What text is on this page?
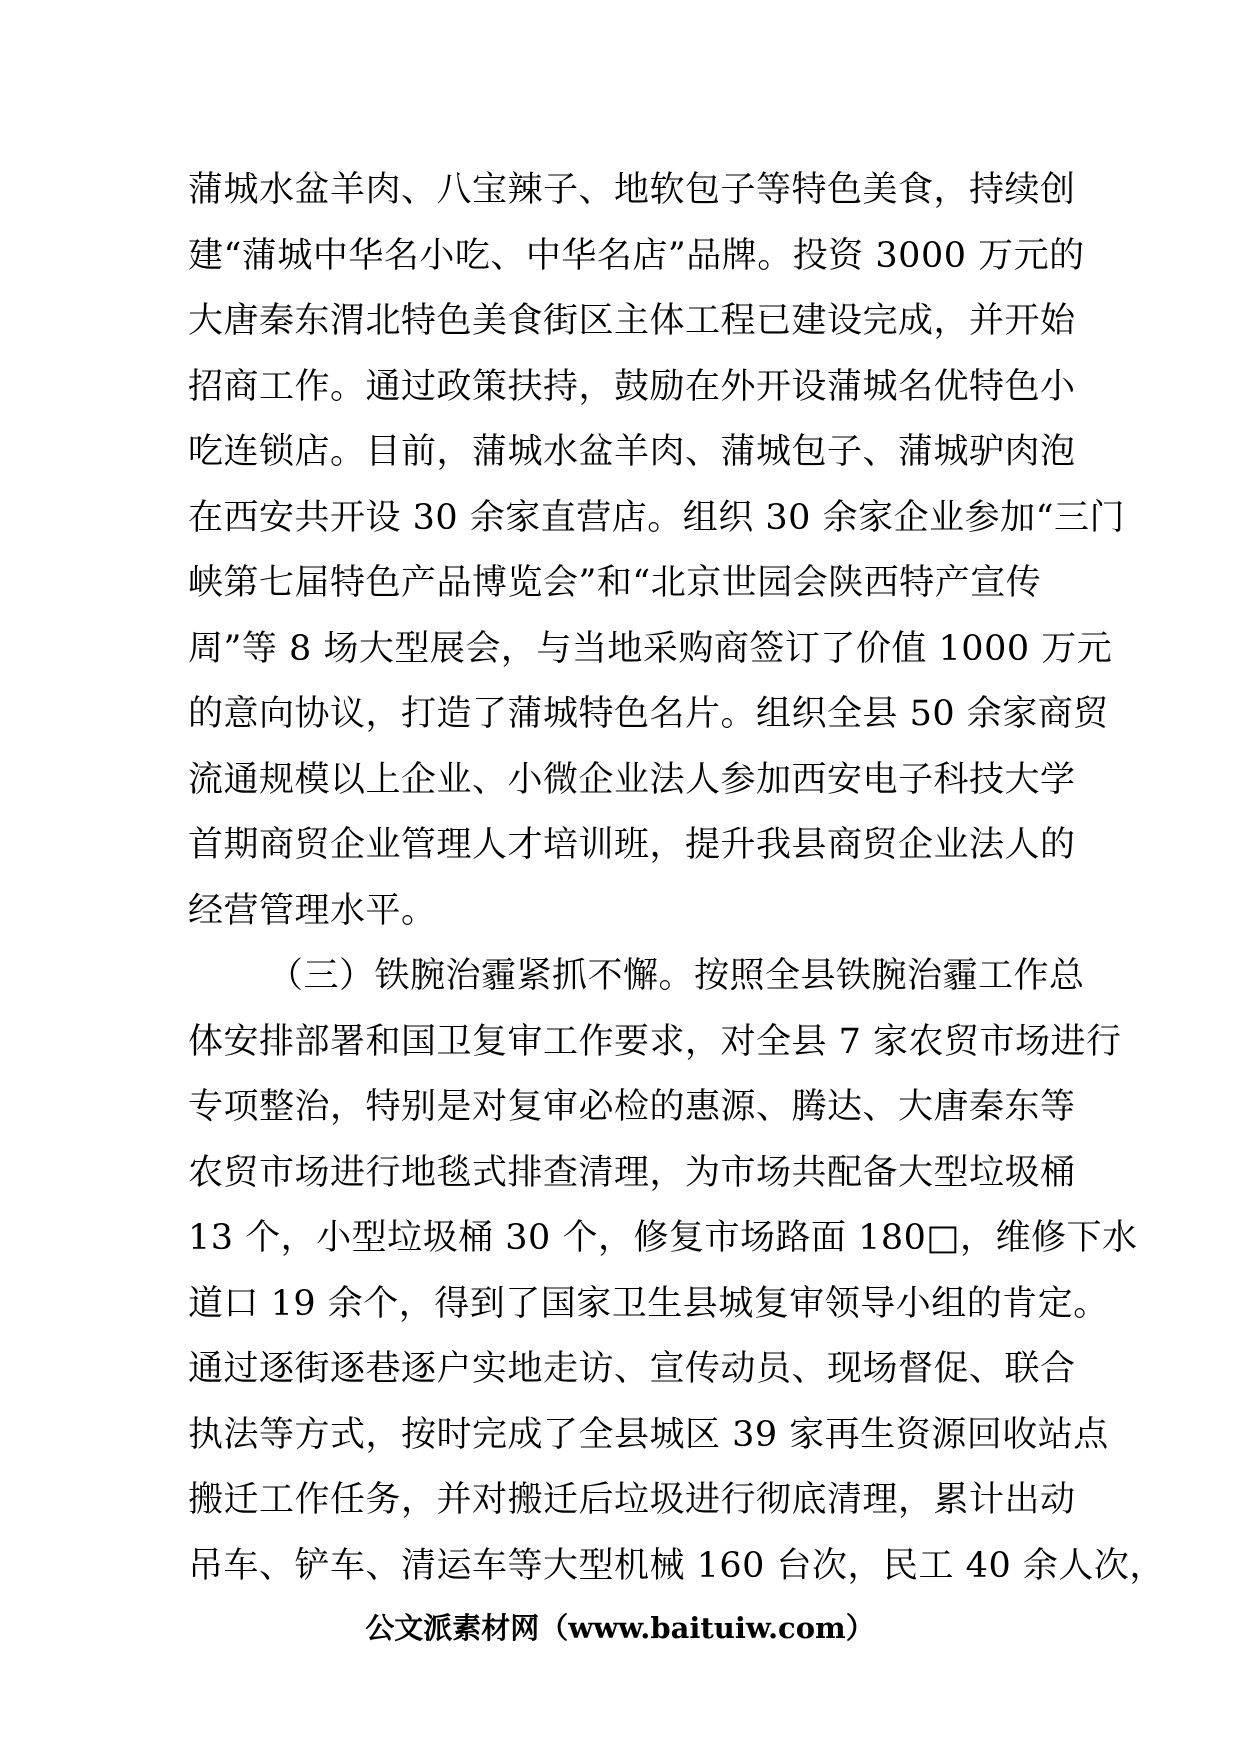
蒲城水盆羊肉、八宝辣子、地软包子等特色美食，持续创
建“蒲城中华名小吃、中华名店”品牌。投资 3000 万元的
大唐秦东渭北特色美食街区主体工程已建设完成，并开始
招商工作。通过政策扶持，鼓励在外开设蒲城名优特色小
吃连锁店。目前，蒲城水盆羊肉、蒲城包子、蒲城驴肉泡
在西安共开设 30 余家直营店。组织 30 余家企业参加“三门
峡第七届特色产品博览会”和“北京世园会陕西特产宣传
周”等 8 场大型展会，与当地采购商签订了价值 1000 万元
的意向协议，打造了蒲城特色名片。组织全县 50 余家商贸
流通规模以上企业、小微企业法人参加西安电子科技大学
首期商贸企业管理人才培训班，提升我县商贸企业法人的
经营管理水平。
（三）铁腕治霾紧抓不懈。按照全县铁腕治霾工作总
体安排部署和国卫复审工作要求，对全县 7 家农贸市场进行
专项整治，特别是对复审必检的惠源、腾达、大唐秦东等
农贸市场进行地毯式排查清理，为市场共配备大型垃圾桶
13 个，小型垃圾桶 30 个，修复市场路面 180□，维修下水
道口 19 余个，得到了国家卫生县城复审领导小组的肯定。
通过逐街逐巷逐户实地走访、宣传动员、现场督促、联合
执法等方式，按时完成了全县城区 39 家再生资源回收站点
搬迁工作任务，并对搬迁后垃圾进行彻底清理，累计出动
吊车、铲车、清运车等大型机械 160 台次，民工 40 余人次，
公文派素材网（www.baituiw.com）
